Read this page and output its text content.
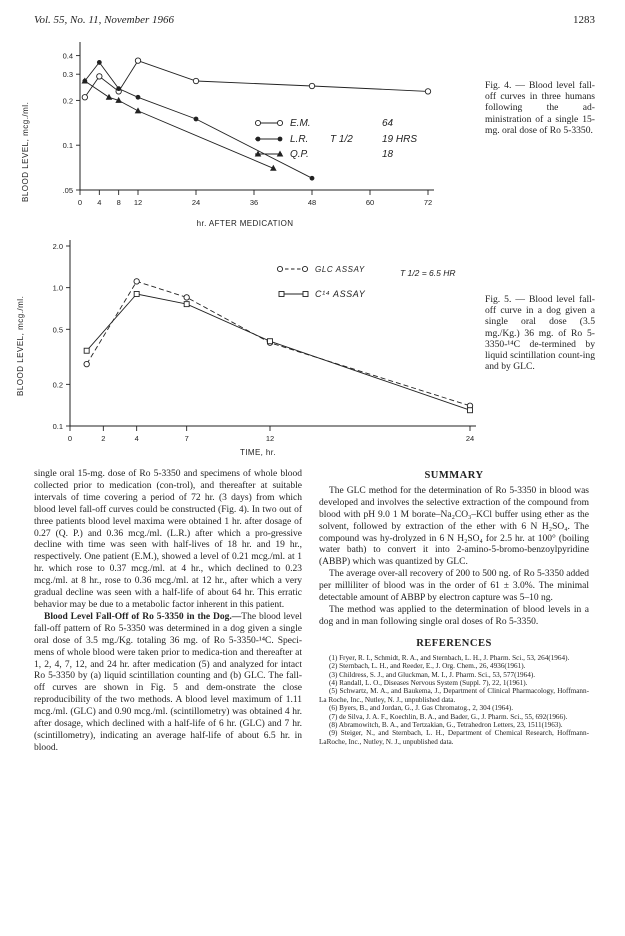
Vol. 55, No. 11, November 1966	1283
0.4
0.3
0.2
0.1
.05
0 4 8 12	24	36	48	60	72
BLOOD LEVEL, mcg./ml.
hr. AFTER MEDICATION
E.M.	64
L.R. T 1/2	19 HRS
Q.P.	18
Fig. 4. — Blood level fall-off curves in three humans following the ad-ministration of a single 15-mg. oral dose of Ro 5-3350.
2.0
1.0
0.5
0.2
0.1
0	2	4	7	12	24
BLOOD LEVEL, mcg./ml.
TIME, hr.
GLC ASSAY	T 1/2 = 6.5 HR
C¹⁴ ASSAY	Fig. 5. — Blood level fall-off curve in a dog given a single oral dose (3.5 mg./Kg.) 36 mg. of Ro 5-3350-¹⁴C de-termined by liquid scintillation count-ing and by GLC.

single oral 15-mg. dose of Ro 5-3350 and specimens of whole blood collected prior to medication (con-trol), and thereafter at suitable intervals of time covering a period of 72 hr. (3 days) from which blood level fall-off curves could be constructed (Fig. 4). In two out of three patients blood level maxima were obtained 1 hr. after dosage of 0.27 (Q. P.) and 0.36 mcg./ml. (L.R.) after which a pro-gressive decline with time was seen with half-lives of 18 hr. and 19 hr., respectively. One patient (E.M.), showed a level of 0.21 mcg./ml. at 1 hr. which rose to 0.37 mcg./ml. at 4 hr., which declined to 0.23 mcg./ml. at 8 hr., rose to 0.36 mcg./ml. at 12 hr., after which a very gradual decline was seen with a half-life of about 64 hr. This erratic behavior may be due to a metabolic factor inherent in this patient.

Blood Level Fall-Off of Ro 5-3350 in the Dog.—The blood level fall-off pattern of Ro 5-3350 was determined in a dog given a single oral dose of 3.5 mg./Kg. totaling 36 mg. of Ro 5-3350-¹⁴C. Speci-mens of whole blood were taken prior to medica-tion and thereafter at 1, 2, 4, 7, 12, and 24 hr. after medication (5) and analyzed for intact Ro 5-3350 by (a) liquid scintillation counting and (b) GLC. The fall-off curves are shown in Fig. 5 and dem-onstrate the close reproducibility of the two methods. A blood level maximum of 1.11 mcg./ml. (GLC) and 0.90 mcg./ml. (scintillometry) was obtained 4 hr. after dosage, which declined with a half-life of 6 hr. (GLC) and 7 hr. (scintillometry), indicating an average half-life of about 6.5 hr. in blood.

SUMMARY

The GLC method for the determination of Ro 5-3350 in blood was developed and involves the selective extraction of the compound from blood with pH 9.0 1 M borate–Na₂CO₃–KCl buffer using ether as the solvent, followed by extraction of the ether with 6 N H₂SO₄. The compound was hy-drolyzed in 6 N H₂SO₄ for 2.5 hr. at 100° (boiling water bath) to convert it into 2-amino-5-bromo-benzoylpyridine (ABBP) which was quantized by GLC.

The average over-all recovery of 200 to 500 ng. of Ro 5-3350 added per milliliter of blood was in the order of 61 ± 3.0%. The minimal detectable amount of ABBP by electron capture was 5–10 ng.

The method was applied to the determination of blood levels in a dog and in man following single oral doses of Ro 5-3350.

REFERENCES
(1) Fryer, R. I., Schmidt, R. A., and Sternbach, L. H., J. Pharm. Sci., 53, 264(1964).
(2) Sternbach, L. H., and Reeder, E., J. Org. Chem., 26, 4936(1961).
(3) Childress, S. J., and Gluckman, M. I., J. Pharm. Sci., 53, 577(1964).
(4) Randall, L. O., Diseases Nervous System (Suppl. 7), 22, 1(1961).
(5) Schwartz, M. A., and Baukema, J., Department of Clinical Pharmacology, Hoffmann-La Roche, Inc., Nutley, N. J., unpublished data.
(6) Byers, B., and Jordan, G., J. Gas Chromatog., 2, 304 (1964).
(7) de Silva, J. A. F., Koechlin, B. A., and Bader, G., J. Pharm. Sci., 55, 692(1966).
(8) Abramowitch, B. A., and Tertzakian, G., Tetrahedron Letters, 23, 1511(1963).
(9) Steiger, N., and Sternbach, L. H., Department of Chemical Research, Hoffmann-LaRoche, Inc., Nutley, N. J., unpublished data.
